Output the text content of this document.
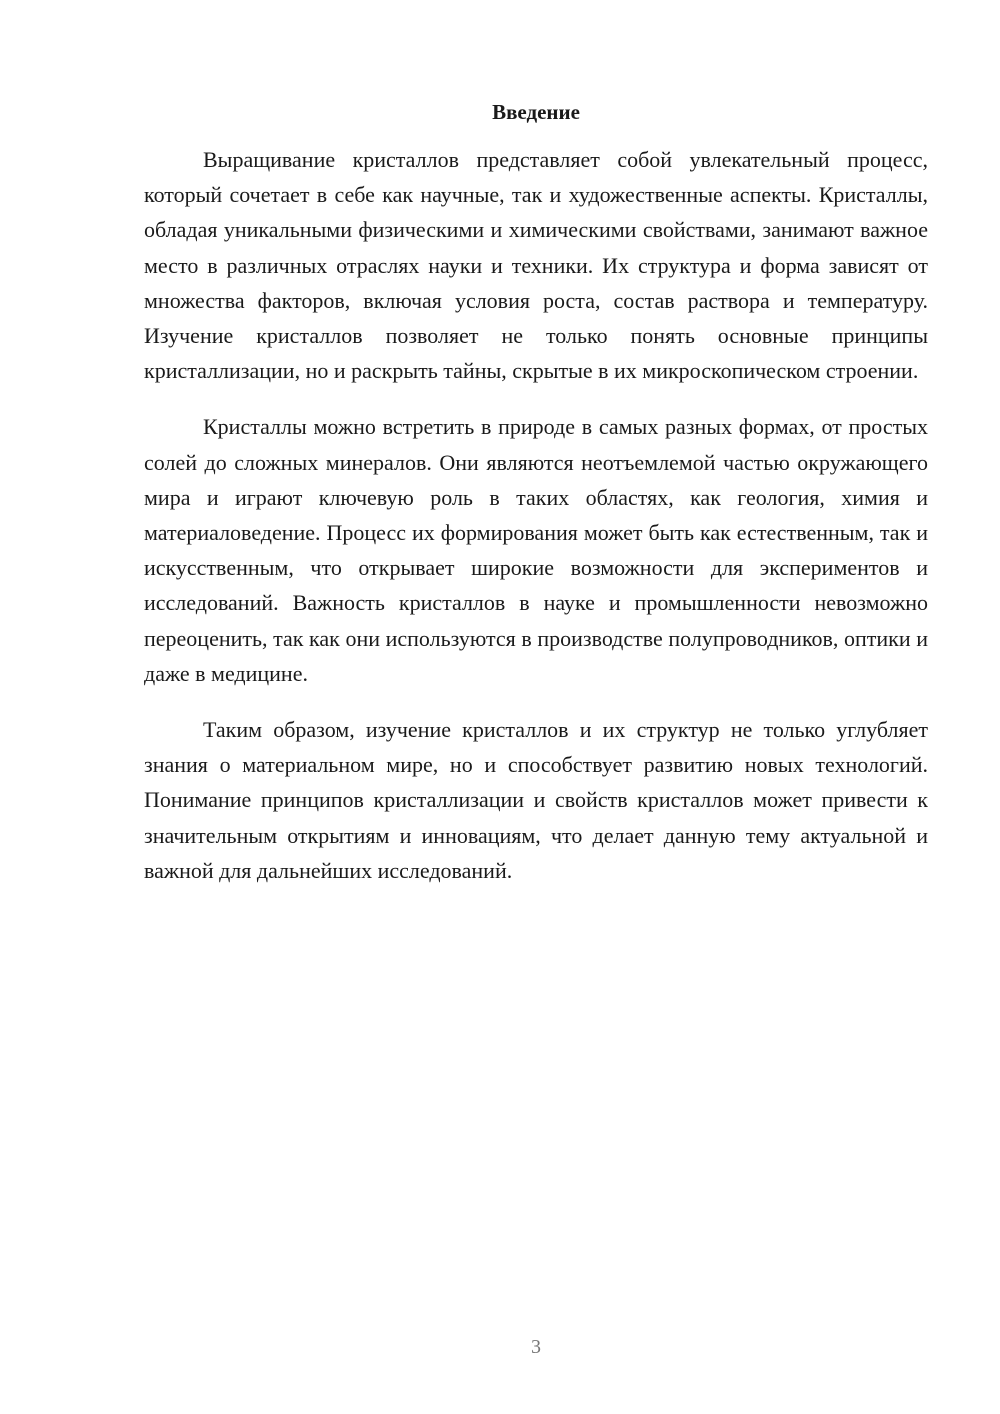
Введение

Выращивание кристаллов представляет собой увлекательный процесс, который сочетает в себе как научные, так и художественные аспекты. Кристаллы, обладая уникальными физическими и химическими свойствами, занимают важное место в различных отраслях науки и техники. Их структура и форма зависят от множества факторов, включая условия роста, состав раствора и температуру. Изучение кристаллов позволяет не только понять основные принципы кристаллизации, но и раскрыть тайны, скрытые в их микроскопическом строении.

Кристаллы можно встретить в природе в самых разных формах, от простых солей до сложных минералов. Они являются неотъемлемой частью окружающего мира и играют ключевую роль в таких областях, как геология, химия и материаловедение. Процесс их формирования может быть как естественным, так и искусственным, что открывает широкие возможности для экспериментов и исследований. Важность кристаллов в науке и промышленности невозможно переоценить, так как они используются в производстве полупроводников, оптики и даже в медицине.

Таким образом, изучение кристаллов и их структур не только углубляет знания о материальном мире, но и способствует развитию новых технологий. Понимание принципов кристаллизации и свойств кристаллов может привести к значительным открытиям и инновациям, что делает данную тему актуальной и важной для дальнейших исследований.

3
